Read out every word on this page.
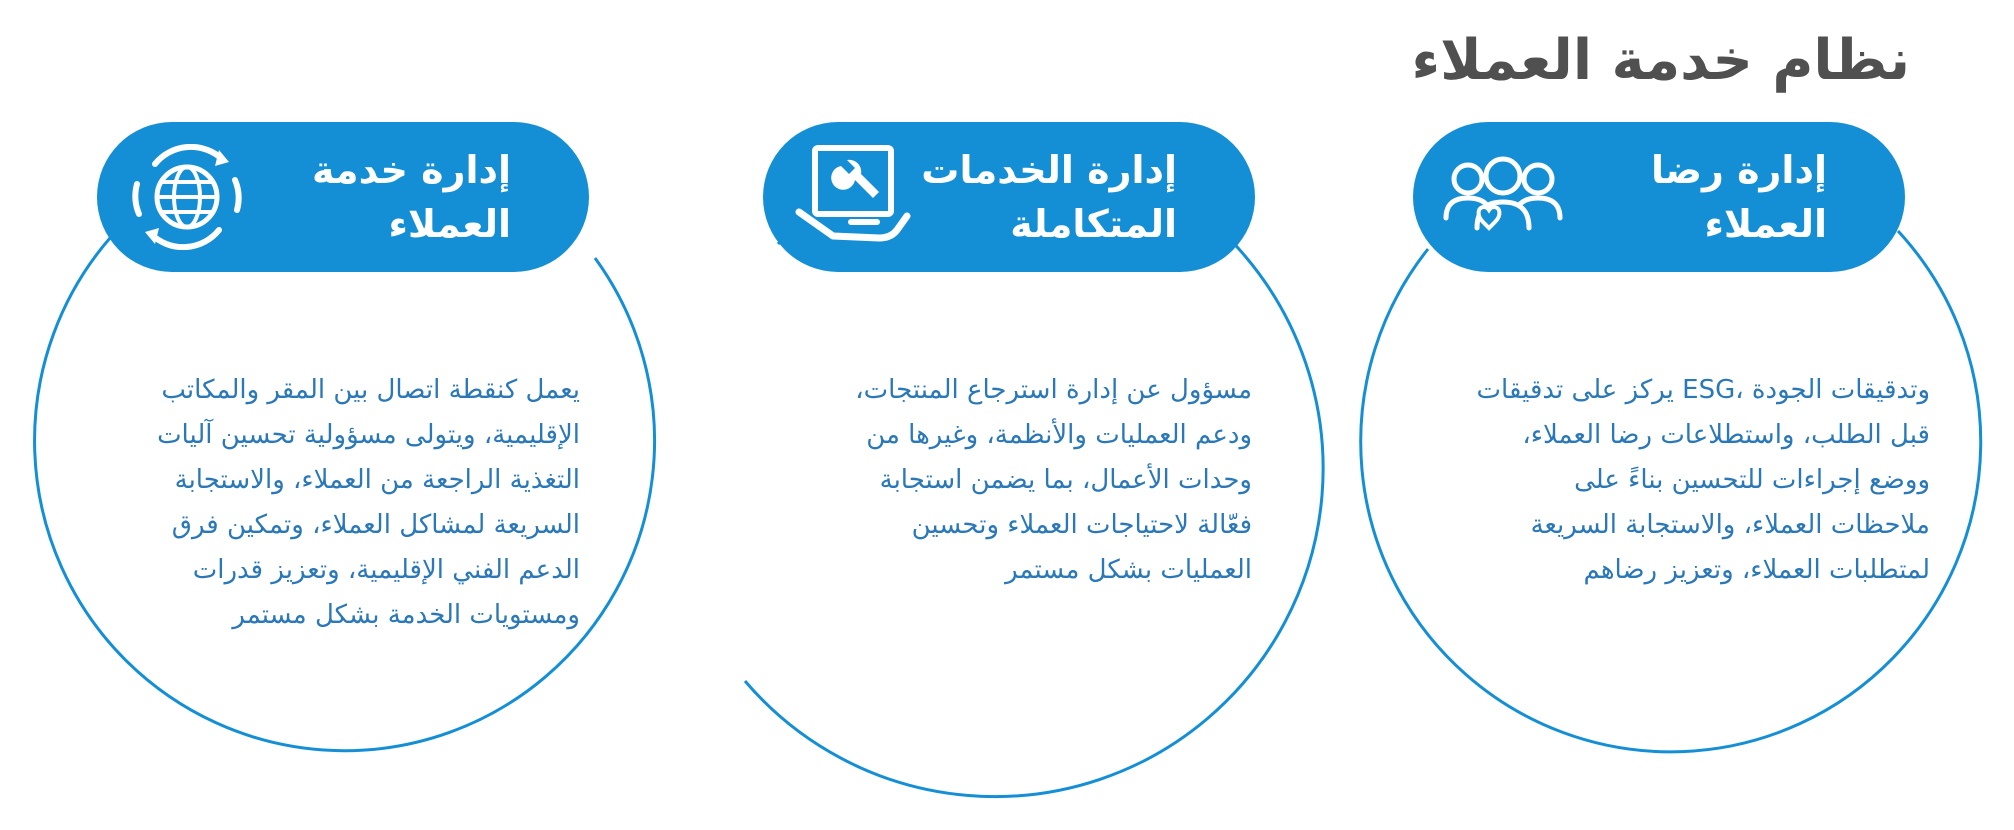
نظام خدمة العملاء
إدارة رضا
العملاء
وتدقيقات الجودة ،ESG يركز على تدقيقات
قبل الطلب، واستطلاعات رضا العملاء،
ووضع إجراءات للتحسين بناءً على
ملاحظات العملاء، والاستجابة السريعة
لمتطلبات العملاء، وتعزيز رضاهم
إدارة الخدمات
المتكاملة
مسؤول عن إدارة استرجاع المنتجات،
ودعم العمليات والأنظمة، وغيرها من
وحدات الأعمال، بما يضمن استجابة
فعّالة لاحتياجات العملاء وتحسين
العمليات بشكل مستمر
إدارة خدمة
العملاء
يعمل كنقطة اتصال بين المقر والمكاتب
الإقليمية، ويتولى مسؤولية تحسين آليات
التغذية الراجعة من العملاء، والاستجابة
السريعة لمشاكل العملاء، وتمكين فرق
الدعم الفني الإقليمية، وتعزيز قدرات
ومستويات الخدمة بشكل مستمر
